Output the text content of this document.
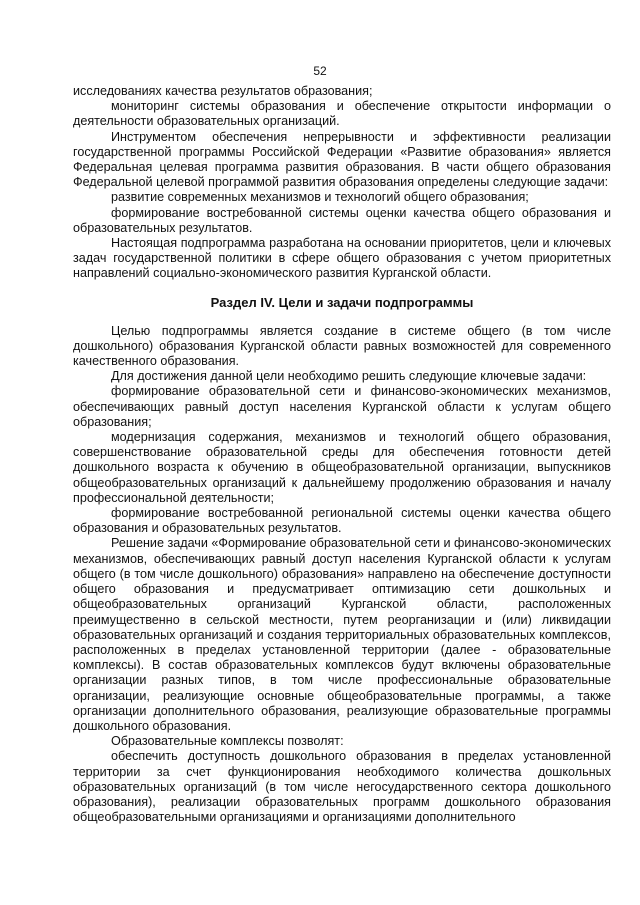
52

исследованиях качества результатов образования;

мониторинг системы образования и обеспечение открытости информации о деятельности образовательных организаций.

Инструментом обеспечения непрерывности и эффективности реализации государственной программы Российской Федерации «Развитие образования» является Федеральная целевая программа развития образования. В части общего образования Федеральной целевой программой развития образования определены следующие задачи:

развитие современных механизмов и технологий общего образования;

формирование востребованной системы оценки качества общего образования и образовательных результатов.

Настоящая подпрограмма разработана на основании приоритетов, цели и ключевых задач государственной политики в сфере общего образования с учетом приоритетных направлений социально-экономического развития Курганской области.

Раздел IV. Цели и задачи подпрограммы

Целью подпрограммы является создание в системе общего (в том числе дошкольного) образования Курганской области равных возможностей для современного качественного образования.

Для достижения данной цели необходимо решить следующие ключевые задачи:

формирование образовательной сети и финансово-экономических механизмов, обеспечивающих равный доступ населения Курганской области к услугам общего образования;

модернизация содержания, механизмов и технологий общего образования, совершенствование образовательной среды для обеспечения готовности детей дошкольного возраста к обучению в общеобразовательной организации, выпускников общеобразовательных организаций к дальнейшему продолжению образования и началу профессиональной деятельности;

формирование востребованной региональной системы оценки качества общего образования и образовательных результатов.

Решение задачи «Формирование образовательной сети и финансово-экономических механизмов, обеспечивающих равный доступ населения Курганской области к услугам общего (в том числе дошкольного) образования» направлено на обеспечение доступности общего образования и предусматривает оптимизацию сети дошкольных и общеобразовательных организаций Курганской области, расположенных преимущественно в сельской местности, путем реорганизации и (или) ликвидации образовательных организаций и создания территориальных образовательных комплексов, расположенных в пределах установленной территории (далее - образовательные комплексы). В состав образовательных комплексов будут включены образовательные организации разных типов, в том числе профессиональные образовательные организации, реализующие основные общеобразовательные программы, а также организации дополнительного образования, реализующие образовательные программы дошкольного образования.

Образовательные комплексы позволят:

обеспечить доступность дошкольного образования в пределах установленной территории за счет функционирования необходимого количества дошкольных образовательных организаций (в том числе негосударственного сектора дошкольного образования), реализации образовательных программ дошкольного образования общеобразовательными организациями и организациями дополнительного
